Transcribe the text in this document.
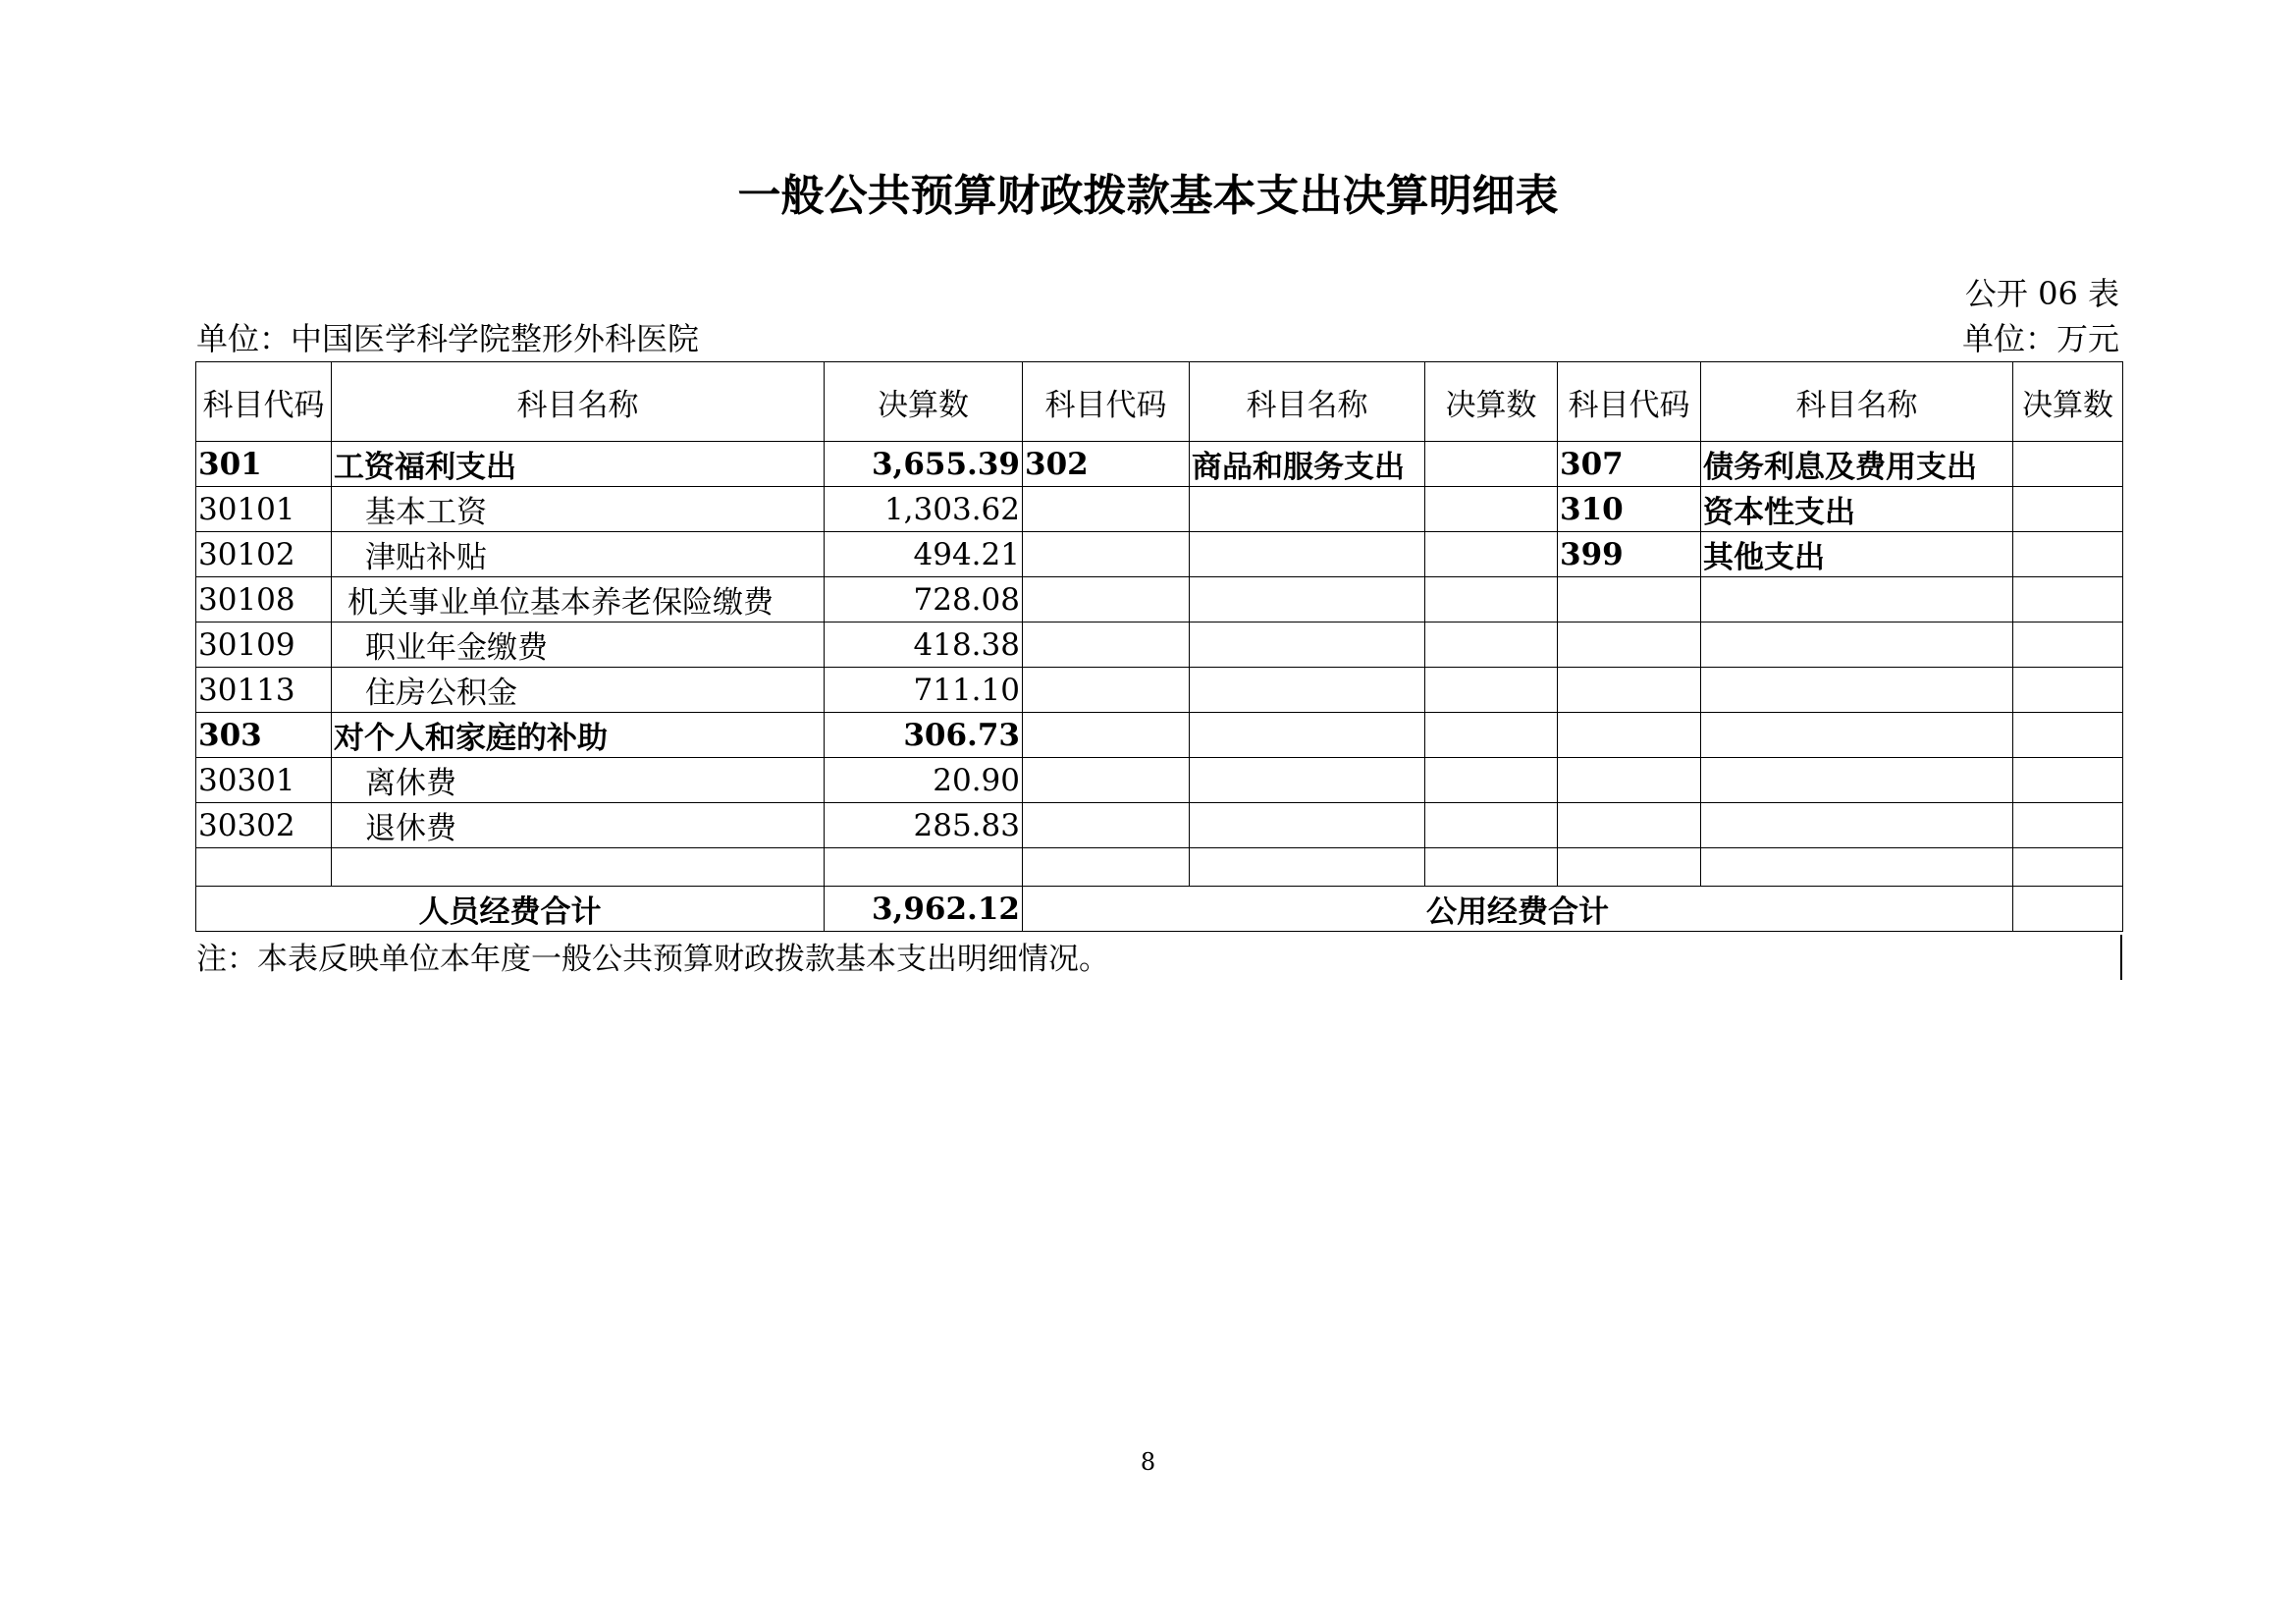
一般公共预算财政拨款基本支出决算明细表
公开 06 表
单位：中国医学科学院整形外科医院	单位：万元
科目代码	科目名称	决算数	科目代码	科目名称	决算数	科目代码	科目名称	决算数
301	工资福利支出	3,655.39	302	商品和服务支出		307	债务利息及费用支出	
30101	基本工资	1,303.62				310	资本性支出	
30102	津贴补贴	494.21				399	其他支出	
30108	机关事业单位基本养老保险缴费	728.08						
30109	职业年金缴费	418.38						
30113	住房公积金	711.10						
303	对个人和家庭的补助	306.73						
30301	离休费	20.90						
30302	退休费	285.83						

人员经费合计		3,962.12	公用经费合计					
注：本表反映单位本年度一般公共预算财政拨款基本支出明细情况。
8
